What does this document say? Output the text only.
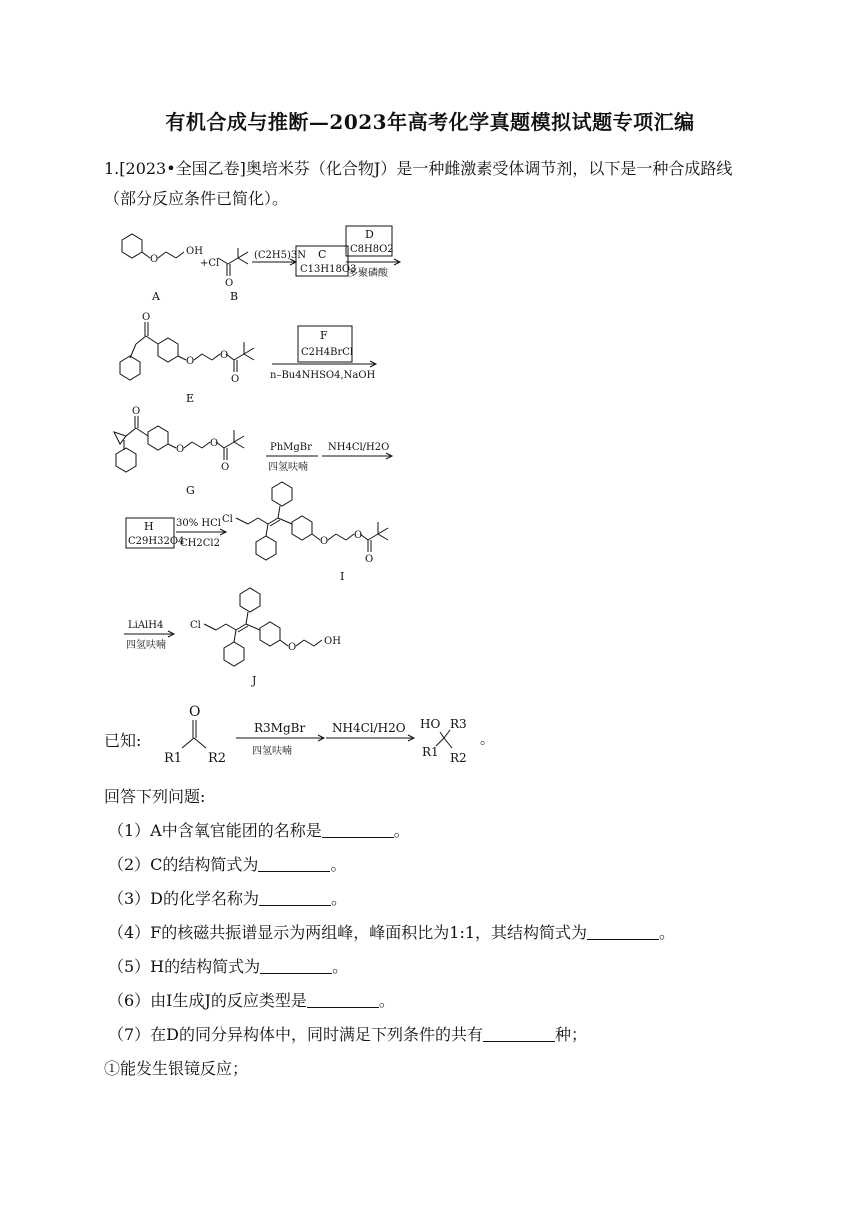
有机合成与推断—2023年高考化学真题模拟试题专项汇编
1.[2023•全国乙卷]奥培米芬（化合物J）是一种雌激素受体调节剂，以下是一种合成路线（部分反应条件已简化）。
OH
O	+Cl
O
A	B
(C2H5)3N C
C13H18O3
D
C8H8O2
多聚磷酸
O
O
O
O
E
F
C2H4BrCl
n–Bu4NHSO4,NaOH
O
O
O
O
G
PhMgBr
四氢呋喃
NH4Cl/H2O
H
C29H32O4
30% HCl
CH2Cl2
Cl
O
O
O
I
LiAlH4
四氢呋喃
Cl
O
OH
J
已知:
O
R1 R2
R3MgBr
四氢呋喃
NH4Cl/H2O HO R3
R1 R2
。
回答下列问题:
（1）A中含氧官能团的名称是	。
（2）C的结构简式为	。
（3）D的化学名称为	。
（4）F的核磁共振谱显示为两组峰，峰面积比为1:1，其结构简式为	。
（5）H的结构简式为	。
（6）由I生成J的反应类型是	。
（7）在D的同分异构体中，同时满足下列条件的共有	种；
①能发生银镜反应；
